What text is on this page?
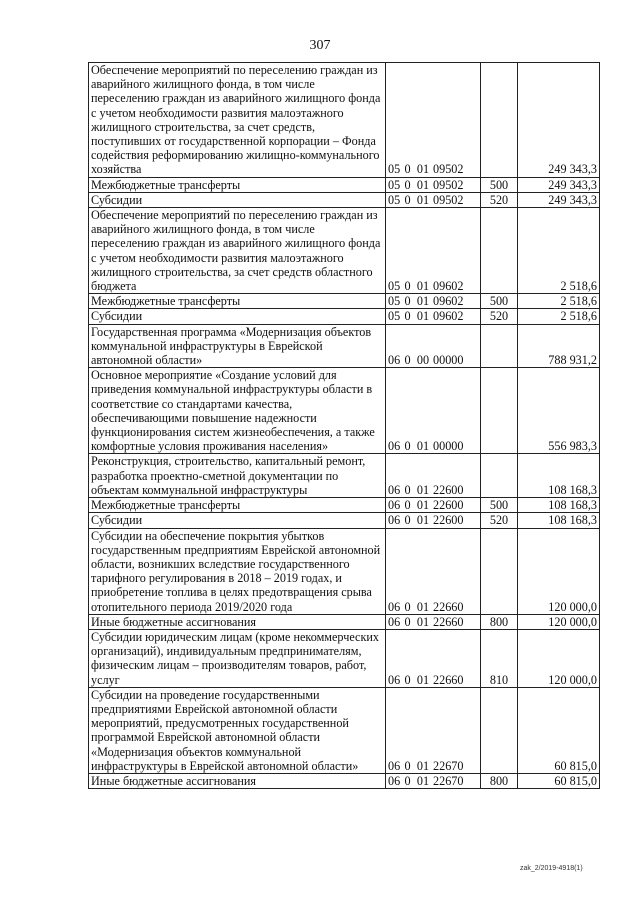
307
Обеспечение мероприятий по переселению граждан из аварийного жилищного фонда, в том числе переселению граждан из аварийного жилищного фонда с учетом необходимости развития малоэтажного жилищного строительства, за счет средств, поступивших от государственной корпорации – Фонда содействия реформированию жилищно-коммунального хозяйства	05 0 01 09502		249 343,3
Межбюджетные трансферты	05 0 01 09502	500	249 343,3
Субсидии	05 0 01 09502	520	249 343,3
Обеспечение мероприятий по переселению граждан из аварийного жилищного фонда, в том числе переселению граждан из аварийного жилищного фонда с учетом необходимости развития малоэтажного жилищного строительства, за счет средств областного бюджета	05 0 01 09602		2 518,6
Межбюджетные трансферты	05 0 01 09602	500	2 518,6
Субсидии	05 0 01 09602	520	2 518,6
Государственная программа «Модернизация объектов коммунальной инфраструктуры в Еврейской автономной области»	06 0 00 00000		788 931,2
Основное мероприятие «Создание условий для приведения коммунальной инфраструктуры области в соответствие со стандартами качества, обеспечивающими повышение надежности функционирования систем жизнеобеспечения, а также комфортные условия проживания населения»	06 0 01 00000		556 983,3
Реконструкция, строительство, капитальный ремонт, разработка проектно-сметной документации по объектам коммунальной инфраструктуры	06 0 01 22600		108 168,3
Межбюджетные трансферты	06 0 01 22600	500	108 168,3
Субсидии	06 0 01 22600	520	108 168,3
Субсидии на обеспечение покрытия убытков государственным предприятиям Еврейской автономной области, возникших вследствие государственного тарифного регулирования в 2018 – 2019 годах, и приобретение топлива в целях предотвращения срыва отопительного периода 2019/2020 года	06 0 01 22660		120 000,0
Иные бюджетные ассигнования	06 0 01 22660	800	120 000,0
Субсидии юридическим лицам (кроме некоммерческих организаций), индивидуальным предпринимателям, физическим лицам – производителям товаров, работ, услуг	06 0 01 22660	810	120 000,0
Субсидии на проведение государственными предприятиями Еврейской автономной области мероприятий, предусмотренных государственной программой Еврейской автономной области «Модернизация объектов коммунальной инфраструктуры в Еврейской автономной области»	06 0 01 22670		60 815,0
Иные бюджетные ассигнования	06 0 01 22670	800	60 815,0
zak_2/2019-4918(1)
